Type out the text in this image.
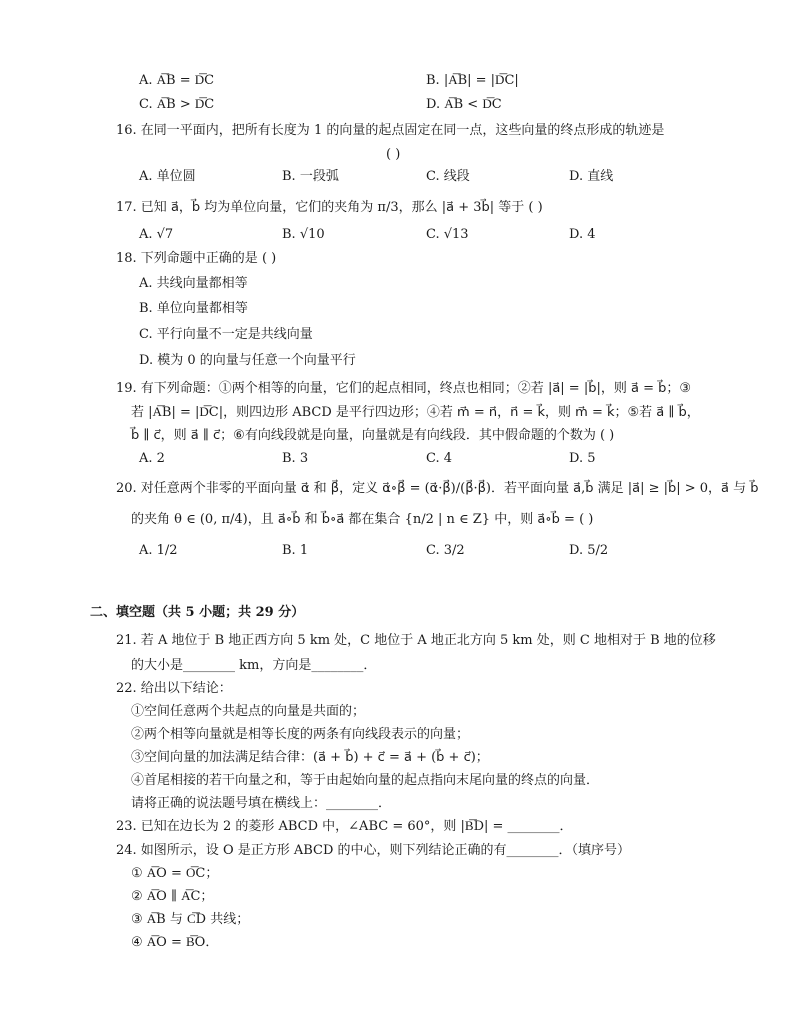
A. A͞B = D͞C	B. |A͞B| = |D͞C|
C. A͞B > D͞C	D. A͞B < D͞C
16. 在同一平面内，把所有长度为 1 的向量的起点固定在同一点，这些向量的终点形成的轨迹是
( )
A. 单位圆	B. 一段弧	C. 线段	D. 直线
17. 已知 a⃗，b⃗ 均为单位向量，它们的夹角为 π/3，那么 |a⃗ + 3b⃗| 等于 ( )
A. √7	B. √10	C. √13	D. 4
18. 下列命题中正确的是 ( )
A. 共线向量都相等
B. 单位向量都相等
C. 平行向量不一定是共线向量
D. 模为 0 的向量与任意一个向量平行
19. 有下列命题：①两个相等的向量，它们的起点相同，终点也相同；②若 |a⃗| = |b⃗|，则 a⃗ = b⃗；③
若 |A͞B| = |D͞C|，则四边形 ABCD 是平行四边形；④若 m⃗ = n⃗，n⃗ = k⃗，则 m⃗ = k⃗；⑤若 a⃗ ∥ b⃗，
b⃗ ∥ c⃗，则 a⃗ ∥ c⃗；⑥有向线段就是向量，向量就是有向线段．其中假命题的个数为 ( )
A. 2	B. 3	C. 4	D. 5
20. 对任意两个非零的平面向量 α⃗ 和 β⃗，定义 α⃗∘β⃗ = (α⃗·β⃗)/(β⃗·β⃗)．若平面向量 a⃗,b⃗ 满足 |a⃗| ≥ |b⃗| > 0，a⃗ 与 b⃗
的夹角 θ ∈ (0, π/4)，且 a⃗∘b⃗ 和 b⃗∘a⃗ 都在集合 {n/2 | n ∈ Z} 中，则 a⃗∘b⃗ = ( )
A. 1/2	B. 1	C. 3/2	D. 5/2
二、填空题（共 5 小题；共 29 分）
21. 若 A 地位于 B 地正西方向 5 km 处，C 地位于 A 地正北方向 5 km 处，则 C 地相对于 B 地的位移
的大小是________ km，方向是________．
22. 给出以下结论：
①空间任意两个共起点的向量是共面的；
②两个相等向量就是相等长度的两条有向线段表示的向量；
③空间向量的加法满足结合律：(a⃗ + b⃗) + c⃗ = a⃗ + (b⃗ + c⃗)；
④首尾相接的若干向量之和，等于由起始向量的起点指向末尾向量的终点的向量．
请将正确的说法题号填在横线上：________．
23. 已知在边长为 2 的菱形 ABCD 中，∠ABC = 60°，则 |B͞D| = ________．
24. 如图所示，设 O 是正方形 ABCD 的中心，则下列结论正确的有________．（填序号）
① A͞O = O͞C；
② A͞O ∥ A͞C；
③ A͞B 与 C͞D 共线；
④ A͞O = B͞O．
